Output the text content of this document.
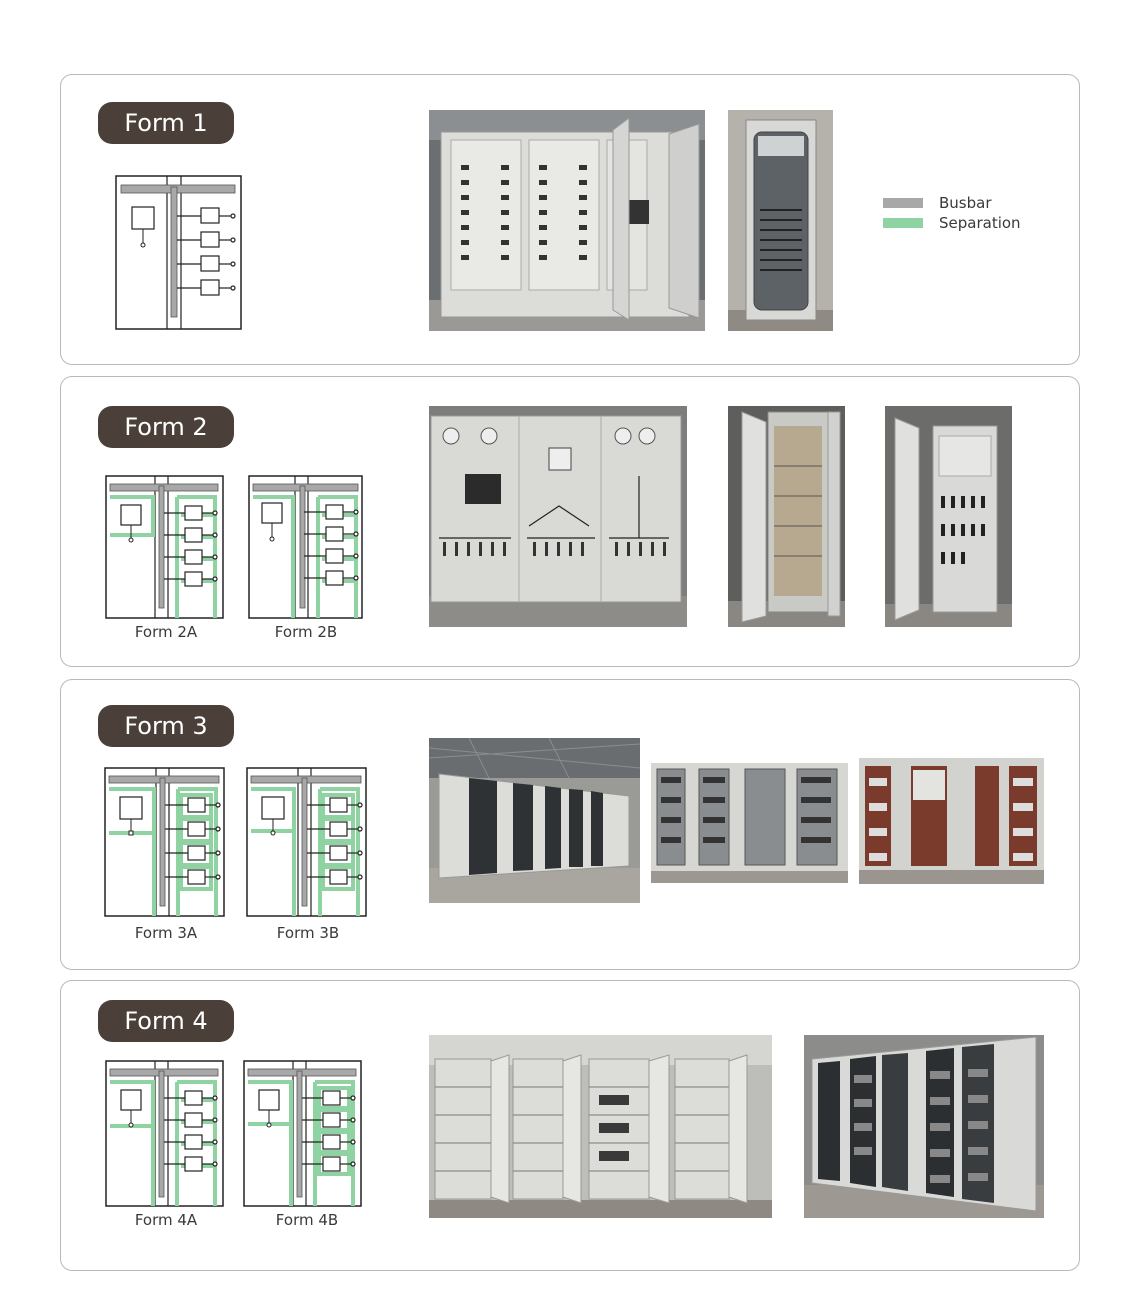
Form 1
Busbar
Separation
Form 2
Form 2A	Form 2B
Form 3
Form 3A	Form 3B
Form 4
Form 4A	Form 4B
